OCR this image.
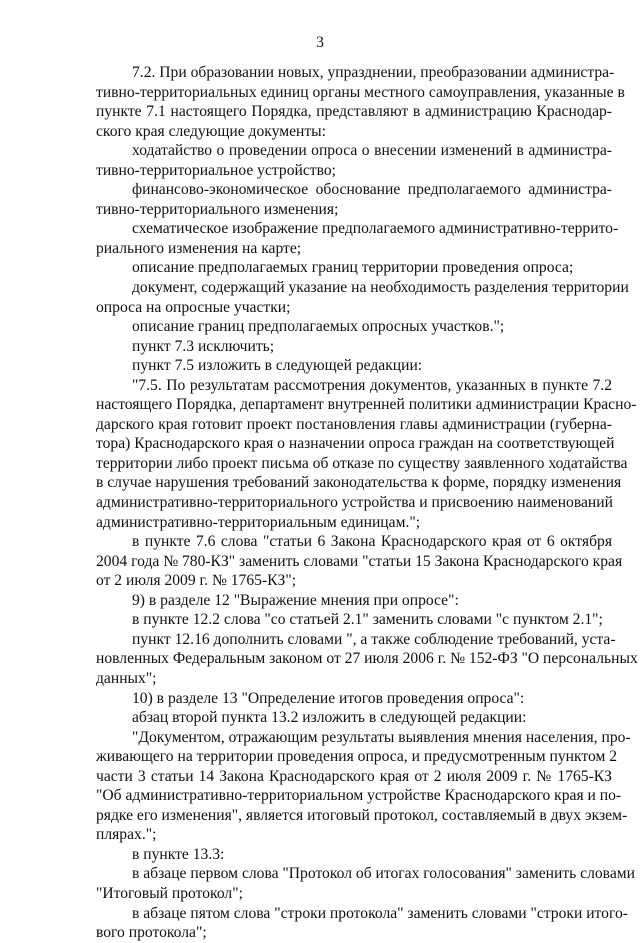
3
7.2. При образовании новых, упразднении, преобразовании администра-
тивно-территориальных единиц органы местного самоуправления, указанные в
пункте 7.1 настоящего Порядка, представляют в администрацию Краснодар-
ского края следующие документы:
ходатайство о проведении опроса о внесении изменений в администра-
тивно-территориальное устройство;
финансово-экономическое обоснование предполагаемого администра-
тивно-территориального изменения;
схематическое изображение предполагаемого административно-террито-
риального изменения на карте;
описание предполагаемых границ территории проведения опроса;
документ, содержащий указание на необходимость разделения территории
опроса на опросные участки;
описание границ предполагаемых опросных участков.";
пункт 7.3 исключить;
пункт 7.5 изложить в следующей редакции:
"7.5. По результатам рассмотрения документов, указанных в пункте 7.2
настоящего Порядка, департамент внутренней политики администрации Красно-
дарского края готовит проект постановления главы администрации (губерна-
тора) Краснодарского края о назначении опроса граждан на соответствующей
территории либо проект письма об отказе по существу заявленного ходатайства
в случае нарушения требований законодательства к форме, порядку изменения
административно-территориального устройства и присвоению наименований
административно-территориальным единицам.";
в пункте 7.6 слова "статьи 6 Закона Краснодарского края от 6 октября
2004 года № 780-КЗ" заменить словами "статьи 15 Закона Краснодарского края
от 2 июля 2009 г. № 1765-КЗ";
9) в разделе 12 "Выражение мнения при опросе":
в пункте 12.2 слова "со статьей 2.1" заменить словами "с пунктом 2.1";
пункт 12.16 дополнить словами ", а также соблюдение требований, уста-
новленных Федеральным законом от 27 июля 2006 г. № 152-ФЗ "О персональных
данных";
10) в разделе 13 "Определение итогов проведения опроса":
абзац второй пункта 13.2 изложить в следующей редакции:
"Документом, отражающим результаты выявления мнения населения, про-
живающего на территории проведения опроса, и предусмотренным пунктом 2
части 3 статьи 14 Закона Краснодарского края от 2 июля 2009 г. № 1765-КЗ
"Об административно-территориальном устройстве Краснодарского края и по-
рядке его изменения", является итоговый протокол, составляемый в двух экзем-
плярах.";
в пункте 13.3:
в абзаце первом слова "Протокол об итогах голосования" заменить словами
"Итоговый протокол";
в абзаце пятом слова "строки протокола" заменить словами "строки итого-
вого протокола";
